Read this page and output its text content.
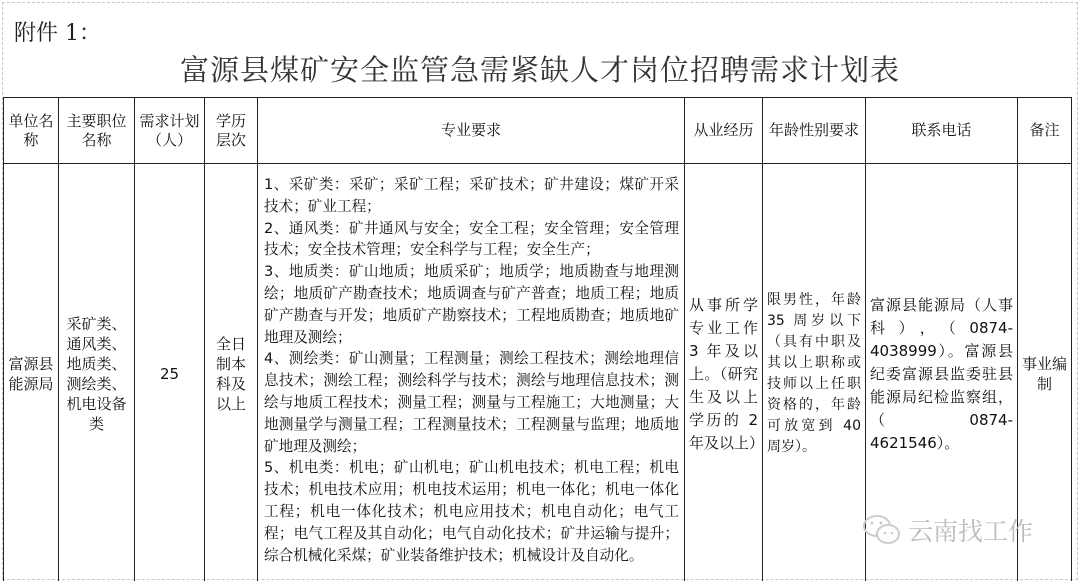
附件 1：
富源县煤矿安全监管急需紧缺人才岗位招聘需求计划表
单位名称	主要职位名称	需求计划（人）	学历层次	专业要求	从业经历	年龄性别要求	联系电话	备注
富源县能源局	采矿类、通风类、地质类、测绘类、机电设备类	25	全日制本科及以上	1、采矿类：采矿；采矿工程；采矿技术；矿井建设；煤矿开采技术；矿业工程；

2、通风类：矿井通风与安全；安全工程；安全管理；安全管理技术；安全技术管理；安全科学与工程；安全生产；

3、地质类：矿山地质；地质采矿；地质学；地质勘查与地理测绘；地质矿产勘查技术；地质调查与矿产普查；地质工程；地质矿产勘查与开发；地质矿产勘察技术；工程地质勘查；地质地矿地理及测绘；

4、测绘类：矿山测量；工程测量；测绘工程技术；测绘地理信息技术；测绘工程；测绘科学与技术；测绘与地理信息技术；测绘与地质工程技术；测量工程；测量与工程施工；大地测量；大地测量学与测量工程；工程测量技术；工程测量与监理；地质地矿地理及测绘；

5、机电类：机电；矿山机电；矿山机电技术；机电工程；机电技术；机电技术应用；机电技术运用；机电一体化；机电一体化工程；机电一体化技术；机电应用技术；机电自动化；电气工程；电气工程及其自动化；电气自动化技术；矿井运输与提升；综合机械化采煤；矿业装备维护技术；机械设计及自动化。	从事所学专业工作 3 年及以上。（研究生及以上学历的 2 年及以上）	限男性，年龄 35 周岁以下（具有中职及其以上职称或技师以上任职资格的，年龄可放宽到 40 周岁）。	富源县能源局（人事科），（0874-4038999）。富源县纪委富源县监委驻县能源局纪检监察组，（0874-4621546）。	事业编制
云南找工作
